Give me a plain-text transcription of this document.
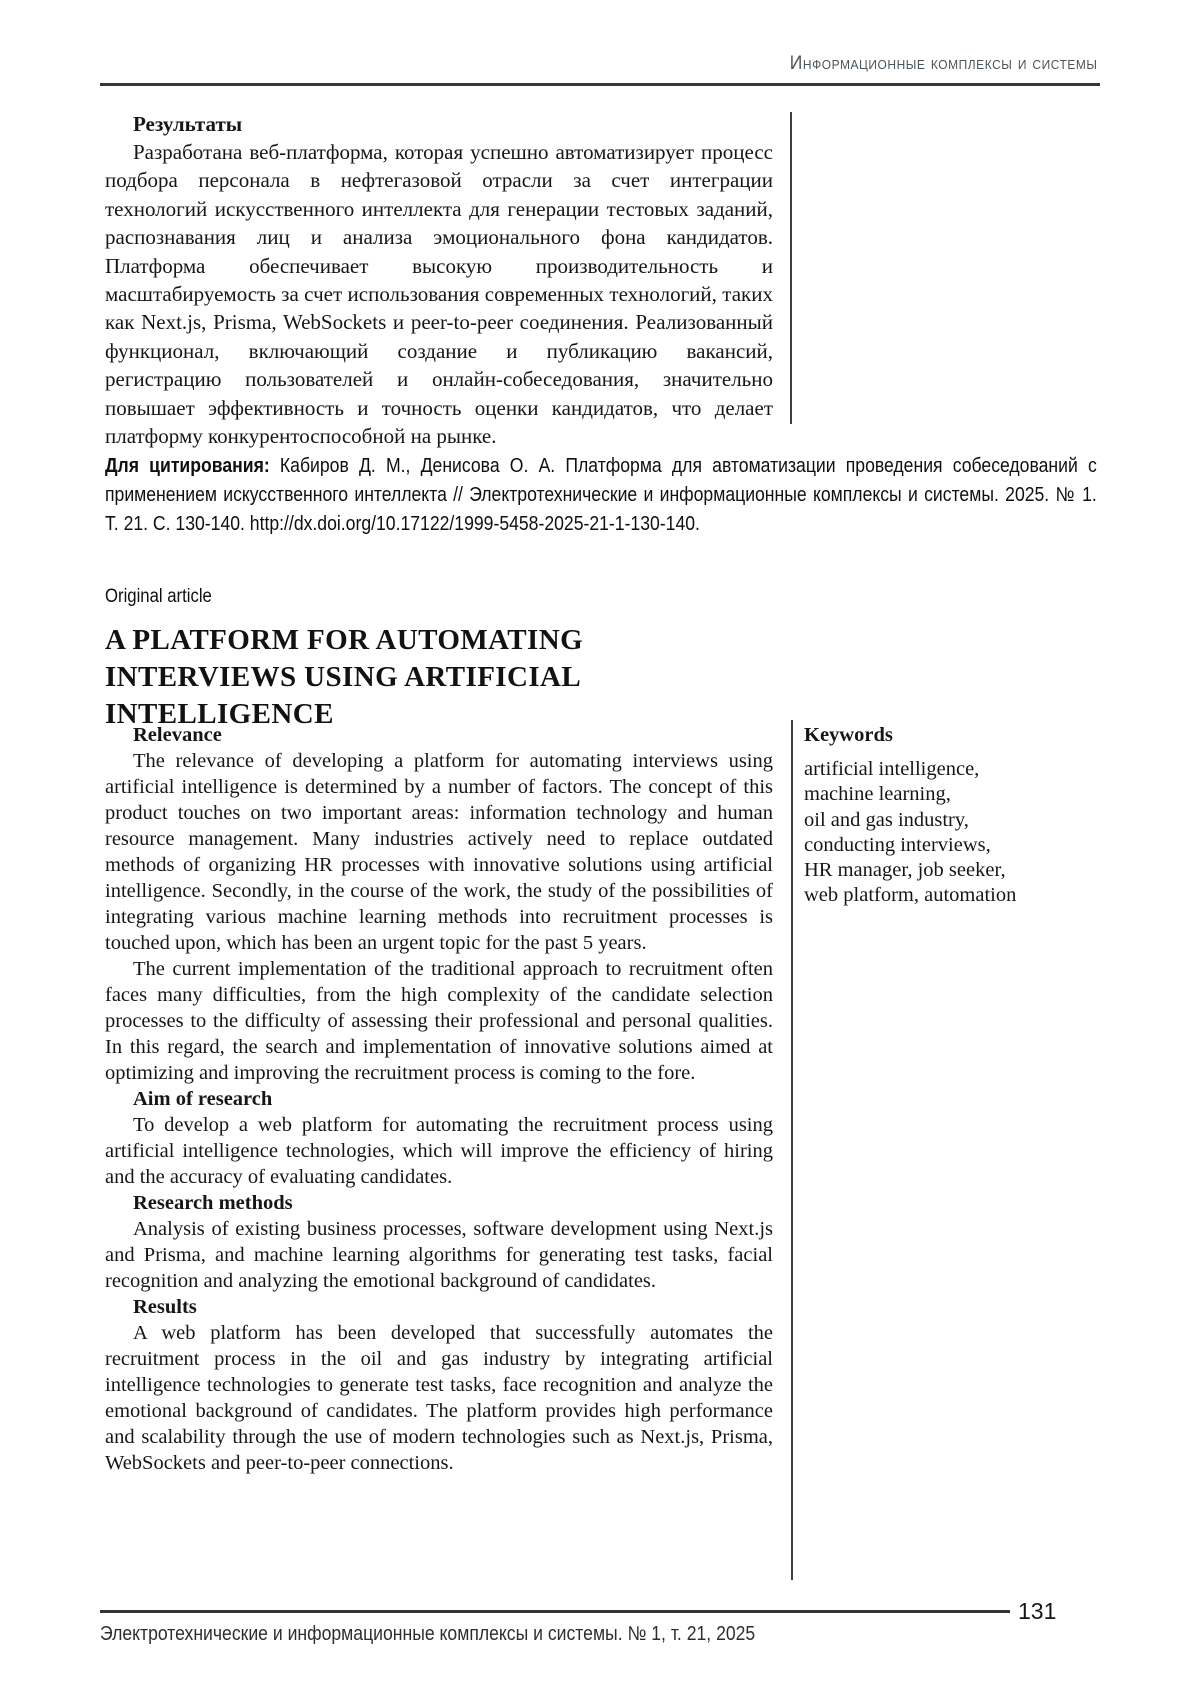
Информационные комплексы и системы
Результаты

Разработана веб-платформа, которая успешно автоматизирует процесс подбора персонала в нефтегазовой отрасли за счет интеграции технологий искусственного интеллекта для генерации тестовых заданий, распознавания лиц и анализа эмоционального фона кандидатов. Платформа обеспечивает высокую производительность и масштабируемость за счет использования современных технологий, таких как Next.js, Prisma, WebSockets и peer-to-peer соединения. Реализованный функционал, включающий создание и публикацию вакансий, регистрацию пользователей и онлайн-собеседования, значительно повышает эффективность и точность оценки кандидатов, что делает платформу конкурентоспособной на рынке.

Для цитирования: Кабиров Д. М., Денисова О. А. Платформа для автоматизации проведения собеседований с применением искусственного интеллекта // Электротехнические и информационные комплексы и системы. 2025. № 1. Т. 21. С. 130-140. http://dx.doi.org/10.17122/1999-5458-2025-21-1-130-140.

Original article
A PLATFORM FOR AUTOMATING INTERVIEWS USING ARTIFICIAL INTELLIGENCE
Relevance

The relevance of developing a platform for automating interviews using artificial intelligence is determined by a number of factors. The concept of this product touches on two important areas: information technology and human resource management. Many industries actively need to replace outdated methods of organizing HR processes with innovative solutions using artificial intelligence. Secondly, in the course of the work, the study of the possibilities of integrating various machine learning methods into recruitment processes is touched upon, which has been an urgent topic for the past 5 years.

The current implementation of the traditional approach to recruitment often faces many difficulties, from the high complexity of the candidate selection processes to the difficulty of assessing their professional and personal qualities. In this regard, the search and implementation of innovative solutions aimed at optimizing and improving the recruitment process is coming to the fore.

Aim of research

To develop a web platform for automating the recruitment process using artificial intelligence technologies, which will improve the efficiency of hiring and the accuracy of evaluating candidates.

Research methods

Analysis of existing business processes, software development using Next.js and Prisma, and machine learning algorithms for generating test tasks, facial recognition and analyzing the emotional background of candidates.

Results

A web platform has been developed that successfully automates the recruitment process in the oil and gas industry by integrating artificial intelligence technologies to generate test tasks, face recognition and analyze the emotional background of candidates. The platform provides high performance and scalability through the use of modern technologies such as Next.js, Prisma, WebSockets and peer-to-peer connections.

Keywords
artificial intelligence,
machine learning,
oil and gas industry,
conducting interviews,
HR manager, job seeker,
web platform, automation
131
Электротехнические и информационные комплексы и системы. № 1, т. 21, 2025
